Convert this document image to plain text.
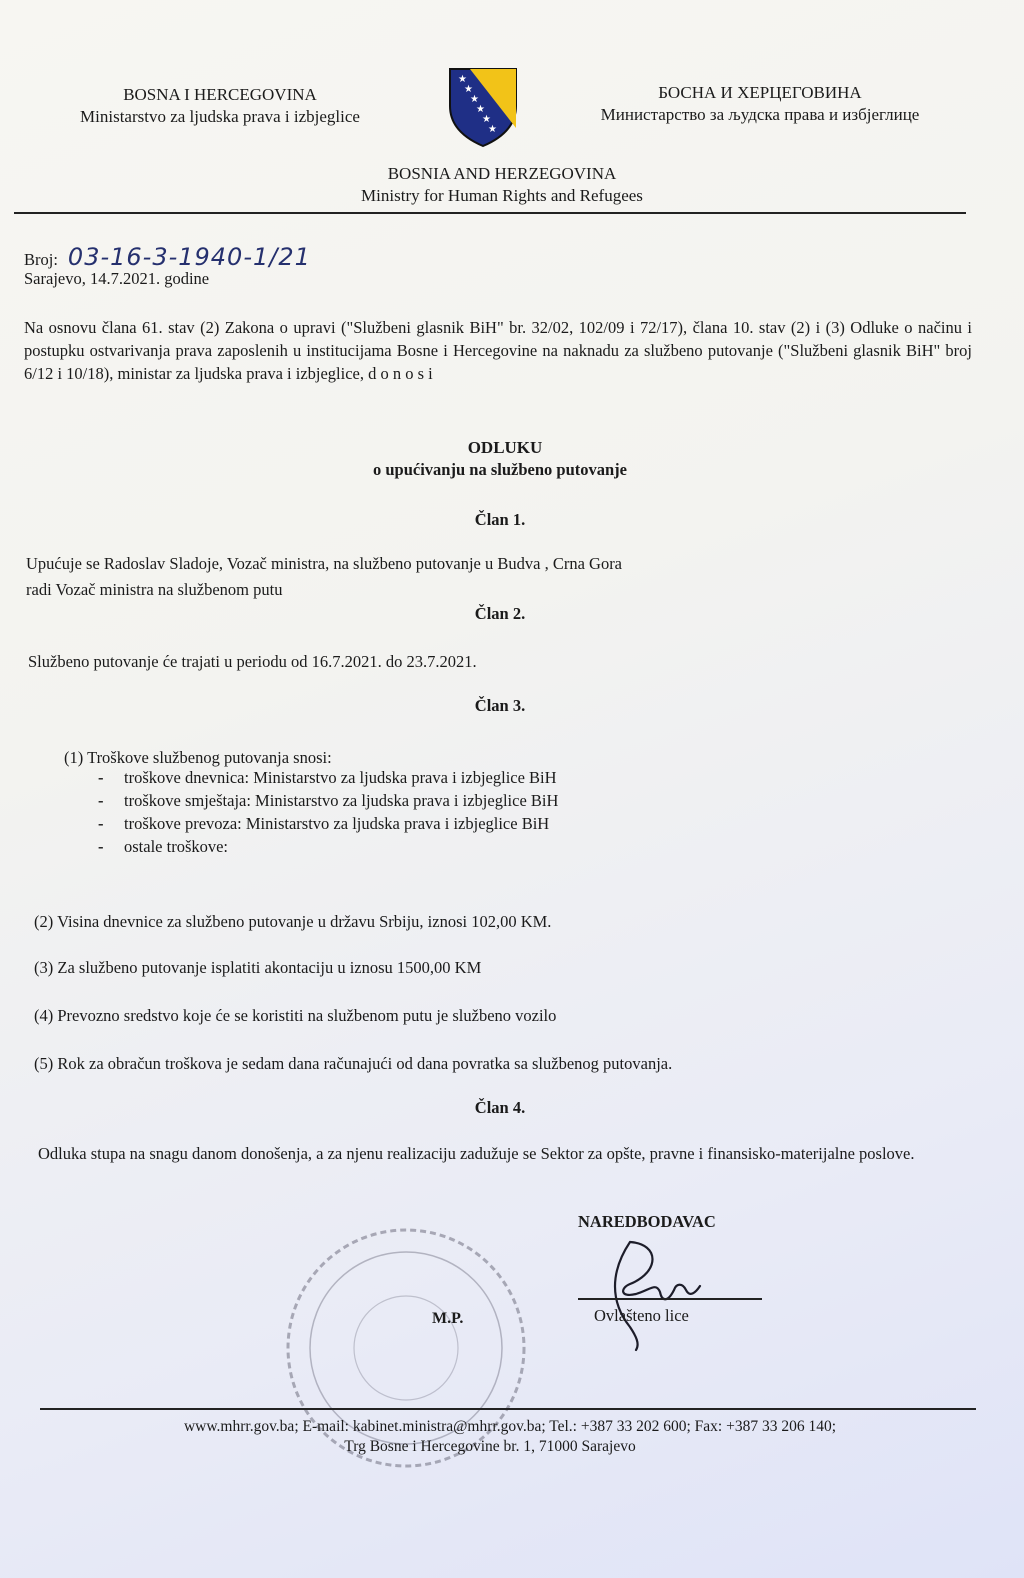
BOSNA I HERCEGOVINA
Ministarstvo za ljudska prava i izbjeglice
★
★
★
★
★
★
БОСНА И ХЕРЦЕГОВИНА
Министарство за људска права и избјеглице
BOSNIA AND HERZEGOVINA
Ministry for Human Rights and Refugees
Broj: 03-16-3-1940-1/21
Sarajevo, 14.7.2021. godine
Na osnovu člana 61. stav (2) Zakona o upravi ("Službeni glasnik BiH" br. 32/02, 102/09 i 72/17), člana 10. stav (2) i (3) Odluke o načinu i postupku ostvarivanja prava zaposlenih u institucijama Bosne i Hercegovine na naknadu za službeno putovanje ("Službeni glasnik BiH" broj 6/12 i 10/18), ministar za ljudska prava i izbjeglice, d o n o s i
ODLUKU
o upućivanju na službeno putovanje
Član 1.
Upućuje se Radoslav Sladoje, Vozač ministra, na službeno putovanje u Budva , Crna Gora
radi Vozač ministra na službenom putu
Član 2.
Službeno putovanje će trajati u periodu od 16.7.2021. do 23.7.2021.
Član 3.
(1) Troškove službenog putovanja snosi:
- troškove dnevnica: Ministarstvo za ljudska prava i izbjeglice BiH
- troškove smještaja: Ministarstvo za ljudska prava i izbjeglice BiH
- troškove prevoza: Ministarstvo za ljudska prava i izbjeglice BiH
- ostale troškove:
(2) Visina dnevnice za službeno putovanje u državu Srbiju, iznosi 102,00 KM.
(3) Za službeno putovanje isplatiti akontaciju u iznosu 1500,00 KM
(4) Prevozno sredstvo koje će se koristiti na službenom putu je službeno vozilo
(5) Rok za obračun troškova je sedam dana računajući od dana povratka sa službenog putovanja.
Član 4.
Odluka stupa na snagu danom donošenja, a za njenu realizaciju zadužuje se Sektor za opšte, pravne i finansisko-materijalne poslove.
M.P.
NAREDBODAVAC
Ovlašteno lice
www.mhrr.gov.ba; E-mail: kabinet.ministra@mhrr.gov.ba; Tel.: +387 33 202 600; Fax: +387 33 206 140;
Trg Bosne i Hercegovine br. 1, 71000 Sarajevo
